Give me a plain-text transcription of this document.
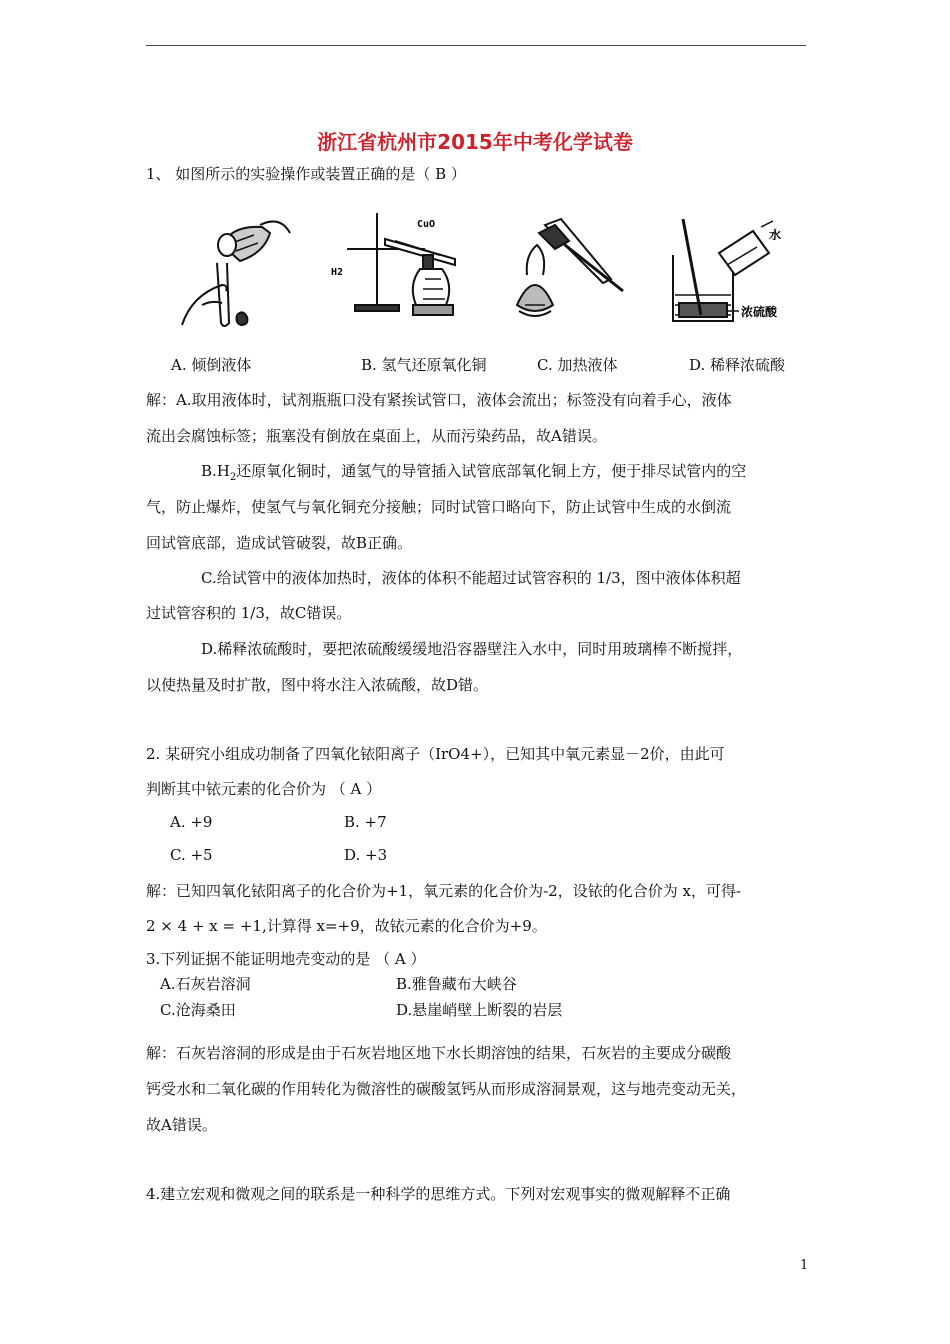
浙江省杭州市2015年中考化学试卷
1、 如图所示的实验操作或装置正确的是（ B ）
CuO
H2
水
浓硫酸
A. 倾倒液体	B. 氢气还原氧化铜	C. 加热液体	D. 稀释浓硫酸
解：A.取用液体时，试剂瓶瓶口没有紧挨试管口，液体会流出；标签没有向着手心，液体
流出会腐蚀标签；瓶塞没有倒放在桌面上，从而污染药品，故A错误。
$B.H_2$还原氧化铜时，通氢气的导管插入试管底部氧化铜上方，便于排尽试管内的空
气，防止爆炸，使氢气与氧化铜充分接触；同时试管口略向下，防止试管中生成的水倒流
回试管底部，造成试管破裂，故B正确。
C.给试管中的液体加热时，液体的体积不能超过试管容积的 1/3，图中液体体积超
过试管容积的 1/3，故C错误。
D.稀释浓硫酸时，要把浓硫酸缓缓地沿容器壁注入水中，同时用玻璃棒不断搅拌，
以使热量及时扩散，图中将水注入浓硫酸，故D错。
2. 某研究小组成功制备了四氧化铱阳离子（IrO4+），已知其中氧元素显－2价，由此可
判断其中铱元素的化合价为 （ A ）
A. +9	B. +7
C. +5	D. +3
解：已知四氧化铱阳离子的化合价为+1，氧元素的化合价为-2，设铱的化合价为 x，可得-
2 × 4 + x = +1,计算得 x=+9，故铱元素的化合价为+9。
3.下列证据不能证明地壳变动的是 （ A ）
A.石灰岩溶洞	B.雅鲁藏布大峡谷
C.沧海桑田	D.悬崖峭壁上断裂的岩层
解：石灰岩溶洞的形成是由于石灰岩地区地下水长期溶蚀的结果，石灰岩的主要成分碳酸
钙受水和二氧化碳的作用转化为微溶性的碳酸氢钙从而形成溶洞景观，这与地壳变动无关，
故A错误。
4.建立宏观和微观之间的联系是一种科学的思维方式。下列对宏观事实的微观解释不正确
1
